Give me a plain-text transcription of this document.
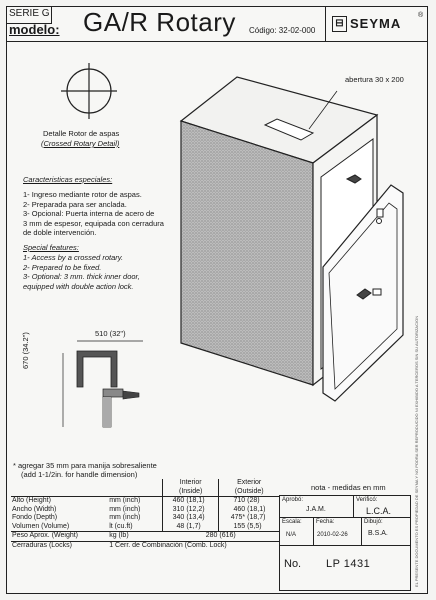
SERIE G
modelo: GA/R Rotary Código: 32-02-000
⊟ SEYMA
®
Detalle Rotor de aspas
(Crossed Rotary Detail)
abertura 30 x 200
Caracteristicas especiales:
1- Ingreso mediante rotor de aspas.
2- Preparada para ser anclada.
3- Opcional: Puerta interna de acero de
3 mm de espesor, equipada con cerradura
de doble intervención.
Special features:
1- Access by a crossed rotary.
2- Prepared to be fixed.
3- Optional: 3 mm. thick inner door,
equipped with double action lock.
510 (32")
670 (34.2")
* agregar 35 mm para manija sobresaliente
(add 1-1/2in. for handle dimension)
		Interior		Exterior	
		(Inside)		(Outside)	
Alto (Height)	mm (inch)	460	(18,1)	710	(28)
Ancho (Width)	mm (inch)	310	(12,2)	460	(18,1)
Fondo (Depth)	mm (inch)	340	(13,4)	475*	(18,7)
Volumen (Volume)	lt (cu.ft)	48	(1,7)	155	(5,5)
Peso Aprox. (Weight)	kg (lb)	280 (616)			
Cerraduras (Locks)	1 Cerr. de Combinación (Comb. Lock)				
nota - medidas en mm
Aprobó:
J.A.M.
Verificó:
L.C.A.
Escala:
N/A
Fecha:
2010-02-26
Dibujó:
B.S.A.
No. LP 1431	EL PRESENTE DOCUMENTO ES PROPIEDAD DE SEYMA Y NO PODRA SER REPRODUCIDO NI EXHIBIDO A TERCEROS SIN SU AUTORIZACION
